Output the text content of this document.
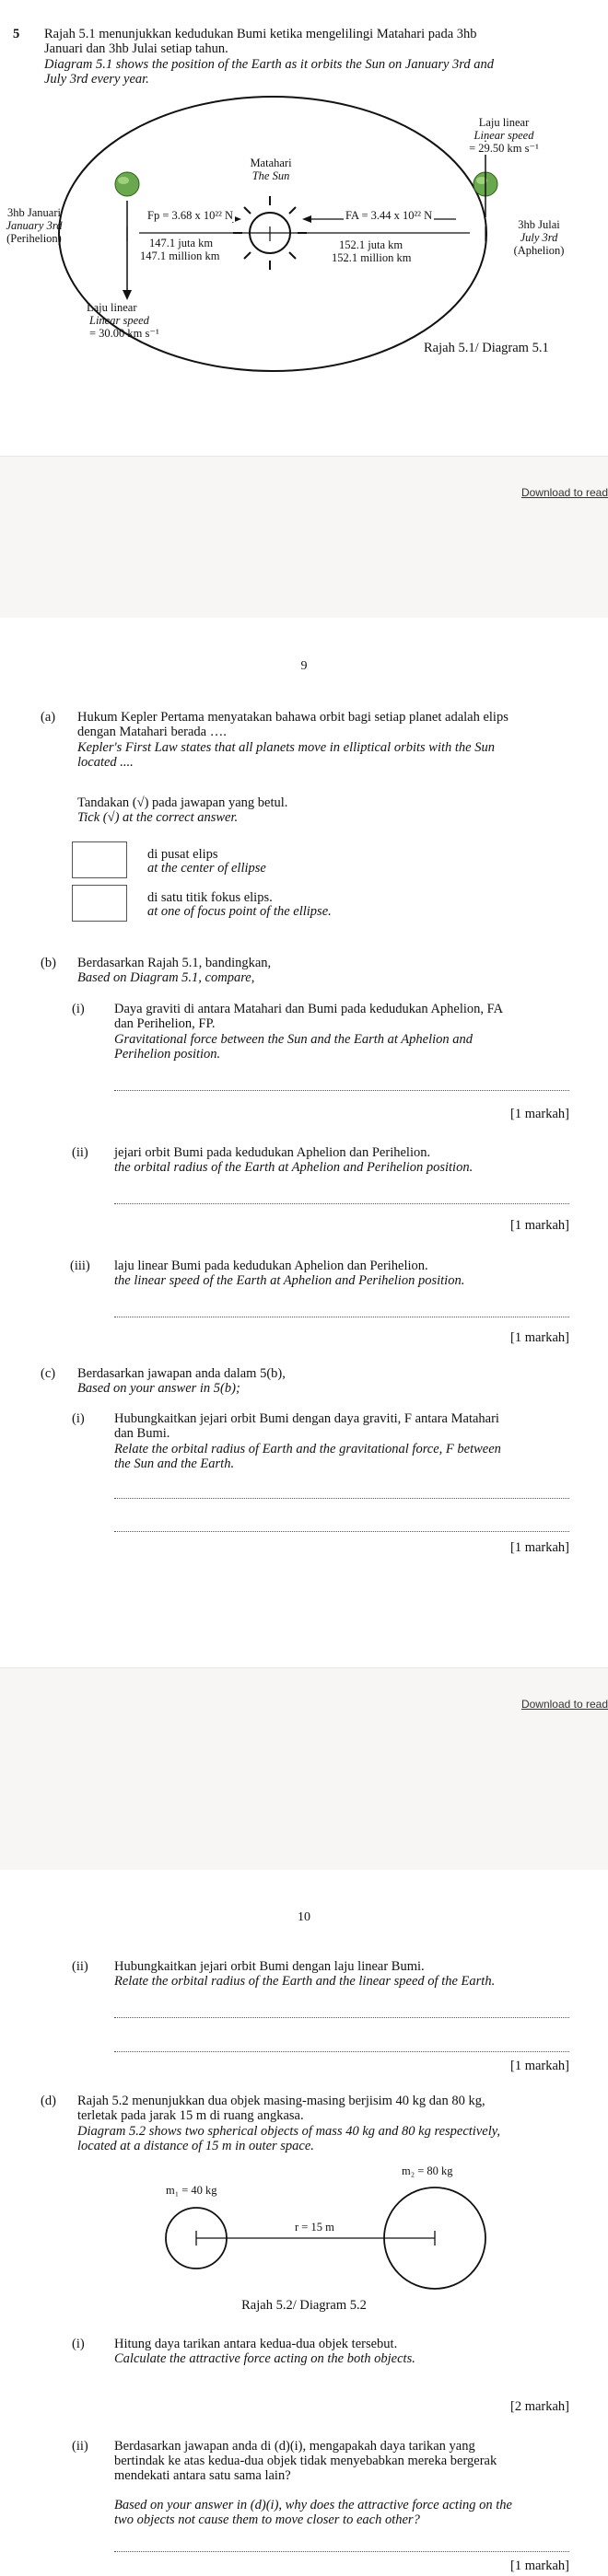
5 Rajah 5.1 menunjukkan kedudukan Bumi ketika mengelilingi Matahari pada 3hb
Januari dan 3hb Julai setiap tahun.
Diagram 5.1 shows the position of the Earth as it orbits the Sun on January 3rd and
July 3rd every year.
Matahari
The Sun
Fp = 3.68 x 10²² N	FA = 3.44 x 10²² N
147.1 juta km
147.1 million km
152.1 juta km
152.1 million km
3hb Januari
January 3rd
(Perihelion)
3hb Julai
July 3rd
(Aphelion)
Laju linear
Linear speed
= 29.50 km s⁻¹
Laju linear
Linear speed
= 30.00 km s⁻¹
Rajah 5.1/ Diagram 5.1
Download to read
9
(a) Hukum Kepler Pertama menyatakan bahawa orbit bagi setiap planet adalah elips
dengan Matahari berada ….
Kepler's First Law states that all planets move in elliptical orbits with the Sun
located ....
Tandakan (√) pada jawapan yang betul.
Tick (√) at the correct answer.
di pusat elips
at the center of ellipse
di satu titik fokus elips.
at one of focus point of the ellipse.
(b) Berdasarkan Rajah 5.1, bandingkan,
Based on Diagram 5.1, compare,
(i) Daya graviti di antara Matahari dan Bumi pada kedudukan Aphelion, FA
dan Perihelion, FP.
Gravitational force between the Sun and the Earth at Aphelion and
Perihelion position.
[1 markah]
(ii) jejari orbit Bumi pada kedudukan Aphelion dan Perihelion.
the orbital radius of the Earth at Aphelion and Perihelion position.
[1 markah]
(iii) laju linear Bumi pada kedudukan Aphelion dan Perihelion.
the linear speed of the Earth at Aphelion and Perihelion position.
[1 markah]
(c) Berdasarkan jawapan anda dalam 5(b),
Based on your answer in 5(b);
(i) Hubungkaitkan jejari orbit Bumi dengan daya graviti, F antara Matahari
dan Bumi.
Relate the orbital radius of Earth and the gravitational force, F between
the Sun and the Earth.
[1 markah]
Download to read
10
(ii) Hubungkaitkan jejari orbit Bumi dengan laju linear Bumi.
Relate the orbital radius of the Earth and the linear speed of the Earth.
[1 markah]
(d) Rajah 5.2 menunjukkan dua objek masing-masing berjisim 40 kg dan 80 kg,
terletak pada jarak 15 m di ruang angkasa.
Diagram 5.2 shows two spherical objects of mass 40 kg and 80 kg respectively,
located at a distance of 15 m in outer space.
m₁ = 40 kg
m₂ = 80 kg
r = 15 m
Rajah 5.2/ Diagram 5.2
(i) Hitung daya tarikan antara kedua-dua objek tersebut.
Calculate the attractive force acting on the both objects.
[2 markah]
(ii) Berdasarkan jawapan anda di (d)(i), mengapakah daya tarikan yang
bertindak ke atas kedua-dua objek tidak menyebabkan mereka bergerak
mendekati antara satu sama lain?
Based on your answer in (d)(i), why does the attractive force acting on the
two objects not cause them to move closer to each other?
[1 markah]
